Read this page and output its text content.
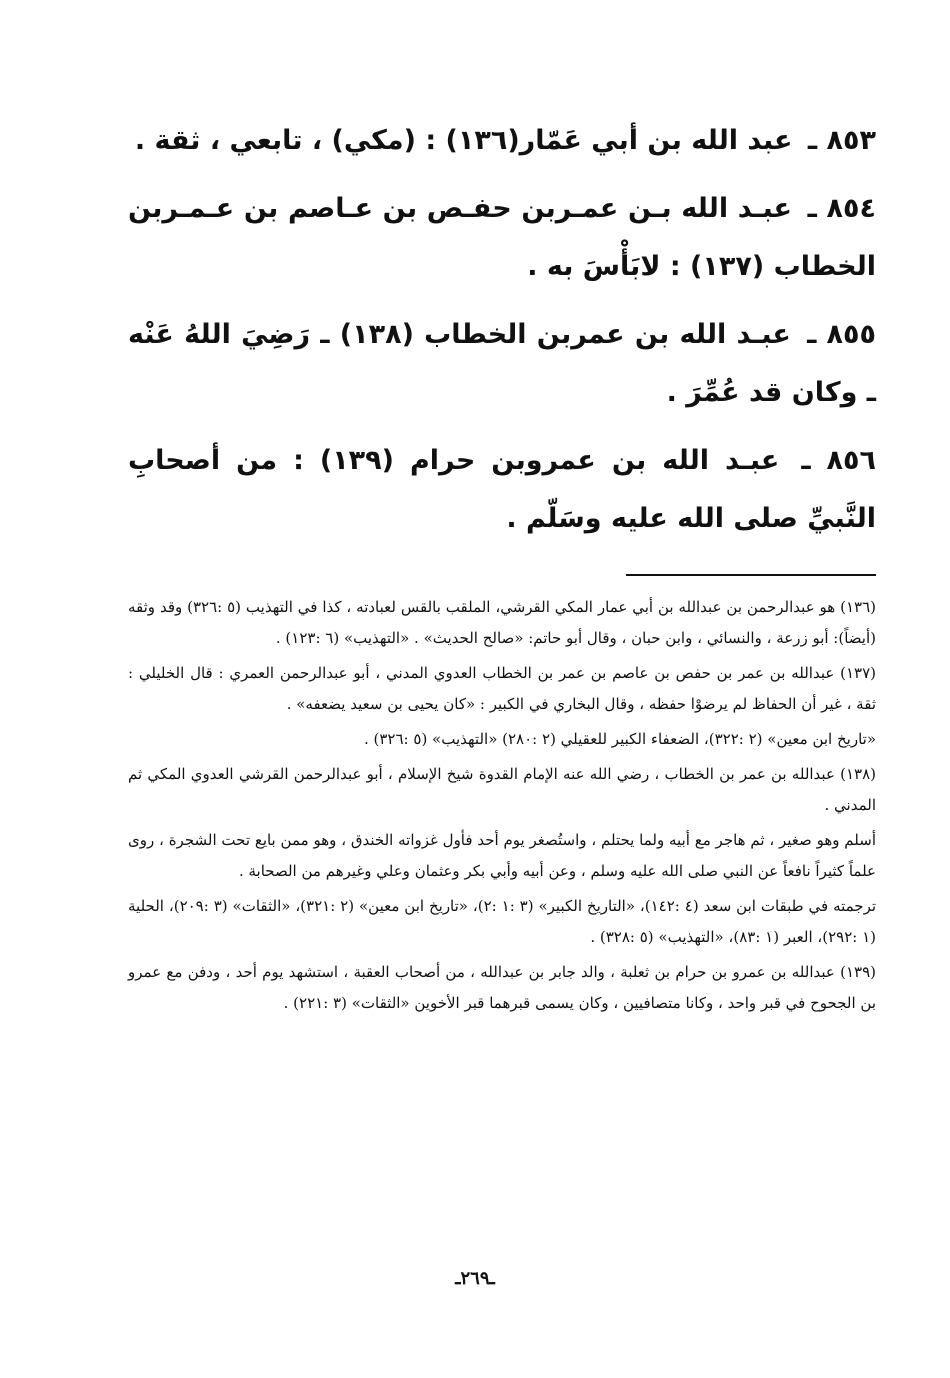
٨٥٣ ـ عبد الله بن أبي عَمّار(١٣٦) : (مكي) ، تابعي ، ثقة .

٨٥٤ ـ عبـد الله بـن عمـربن حفـص بن عـاصم بن عـمـربن الخطاب (١٣٧) : لابَأْسَ به .

٨٥٥ ـ عبـد الله بن عمربن الخطاب (١٣٨) ـ رَضِيَ اللهُ عَنْه ـ وكان قد عُمِّرَ .

٨٥٦ ـ عبـد الله بن عمروبن حرام (١٣٩) : من أصحابِ النَّبيِّ صلى الله عليه وسَلّم .

(١٣٦) هو عبدالرحمن بن عبدالله بن أبي عمار المكي القرشي، الملقب بالقس لعبادته ، كذا في التهذيب (٥ :٣٢٦) وقد وثقه (أيضاً): أبو زرعة ، والنسائي ، وابن حبان ، وقال أبو حاتم: «صالح الحديث» . «التهذيب» (٦ :١٢٣) .

(١٣٧) عبدالله بن عمر بن حفص بن عاصم بن عمر بن الخطاب العدوي المدني ، أبو عبدالرحمن العمري : قال الخليلي : ثقة ، غير أن الحفاظ لم يرضوْا حفظه ، وقال البخاري في الكبير : «كان يحيى بن سعيد يضعفه» .

«تاريخ ابن معين» (٢ :٣٢٢)، الضعفاء الكبير للعقيلي (٢ :٢٨٠) «التهذيب» (٥ :٣٢٦) .

(١٣٨) عبدالله بن عمر بن الخطاب ، رضي الله عنه الإمام القدوة شيخ الإسلام ، أبو عبدالرحمن القرشي العدوي المكي ثم المدني .

أسلم وهو صغير ، ثم هاجر مع أبيه ولما يحتلم ، واستُصغر يوم أحد فأول غزواته الخندق ، وهو ممن بايع تحت الشجرة ، روى علماً كثيراً نافعاً عن النبي صلى الله عليه وسلم ، وعن أبيه وأبي بكر وعثمان وعلي وغيرهم من الصحابة .

ترجمته في طبقات ابن سعد (٤ :١٤٢)، «التاريخ الكبير» (٣ :١ :٢)، «تاريخ ابن معين» (٢ :٣٢١)، «الثقات» (٣ :٢٠٩)، الحلية (١ :٢٩٢)، العبر (١ :٨٣)، «التهذيب» (٥ :٣٢٨) .

(١٣٩) عبدالله بن عمرو بن حرام بن ثعلبة ، والد جابر بن عبدالله ، من أصحاب العقبة ، استشهد يوم أحد ، ودفن مع عمرو بن الجحوح في قبر واحد ، وكانا متصافيين ، وكان يسمى قبرهما قبر الأخوين «الثقات» (٣ :٢٢١) .

ـ٢٦٩ـ
